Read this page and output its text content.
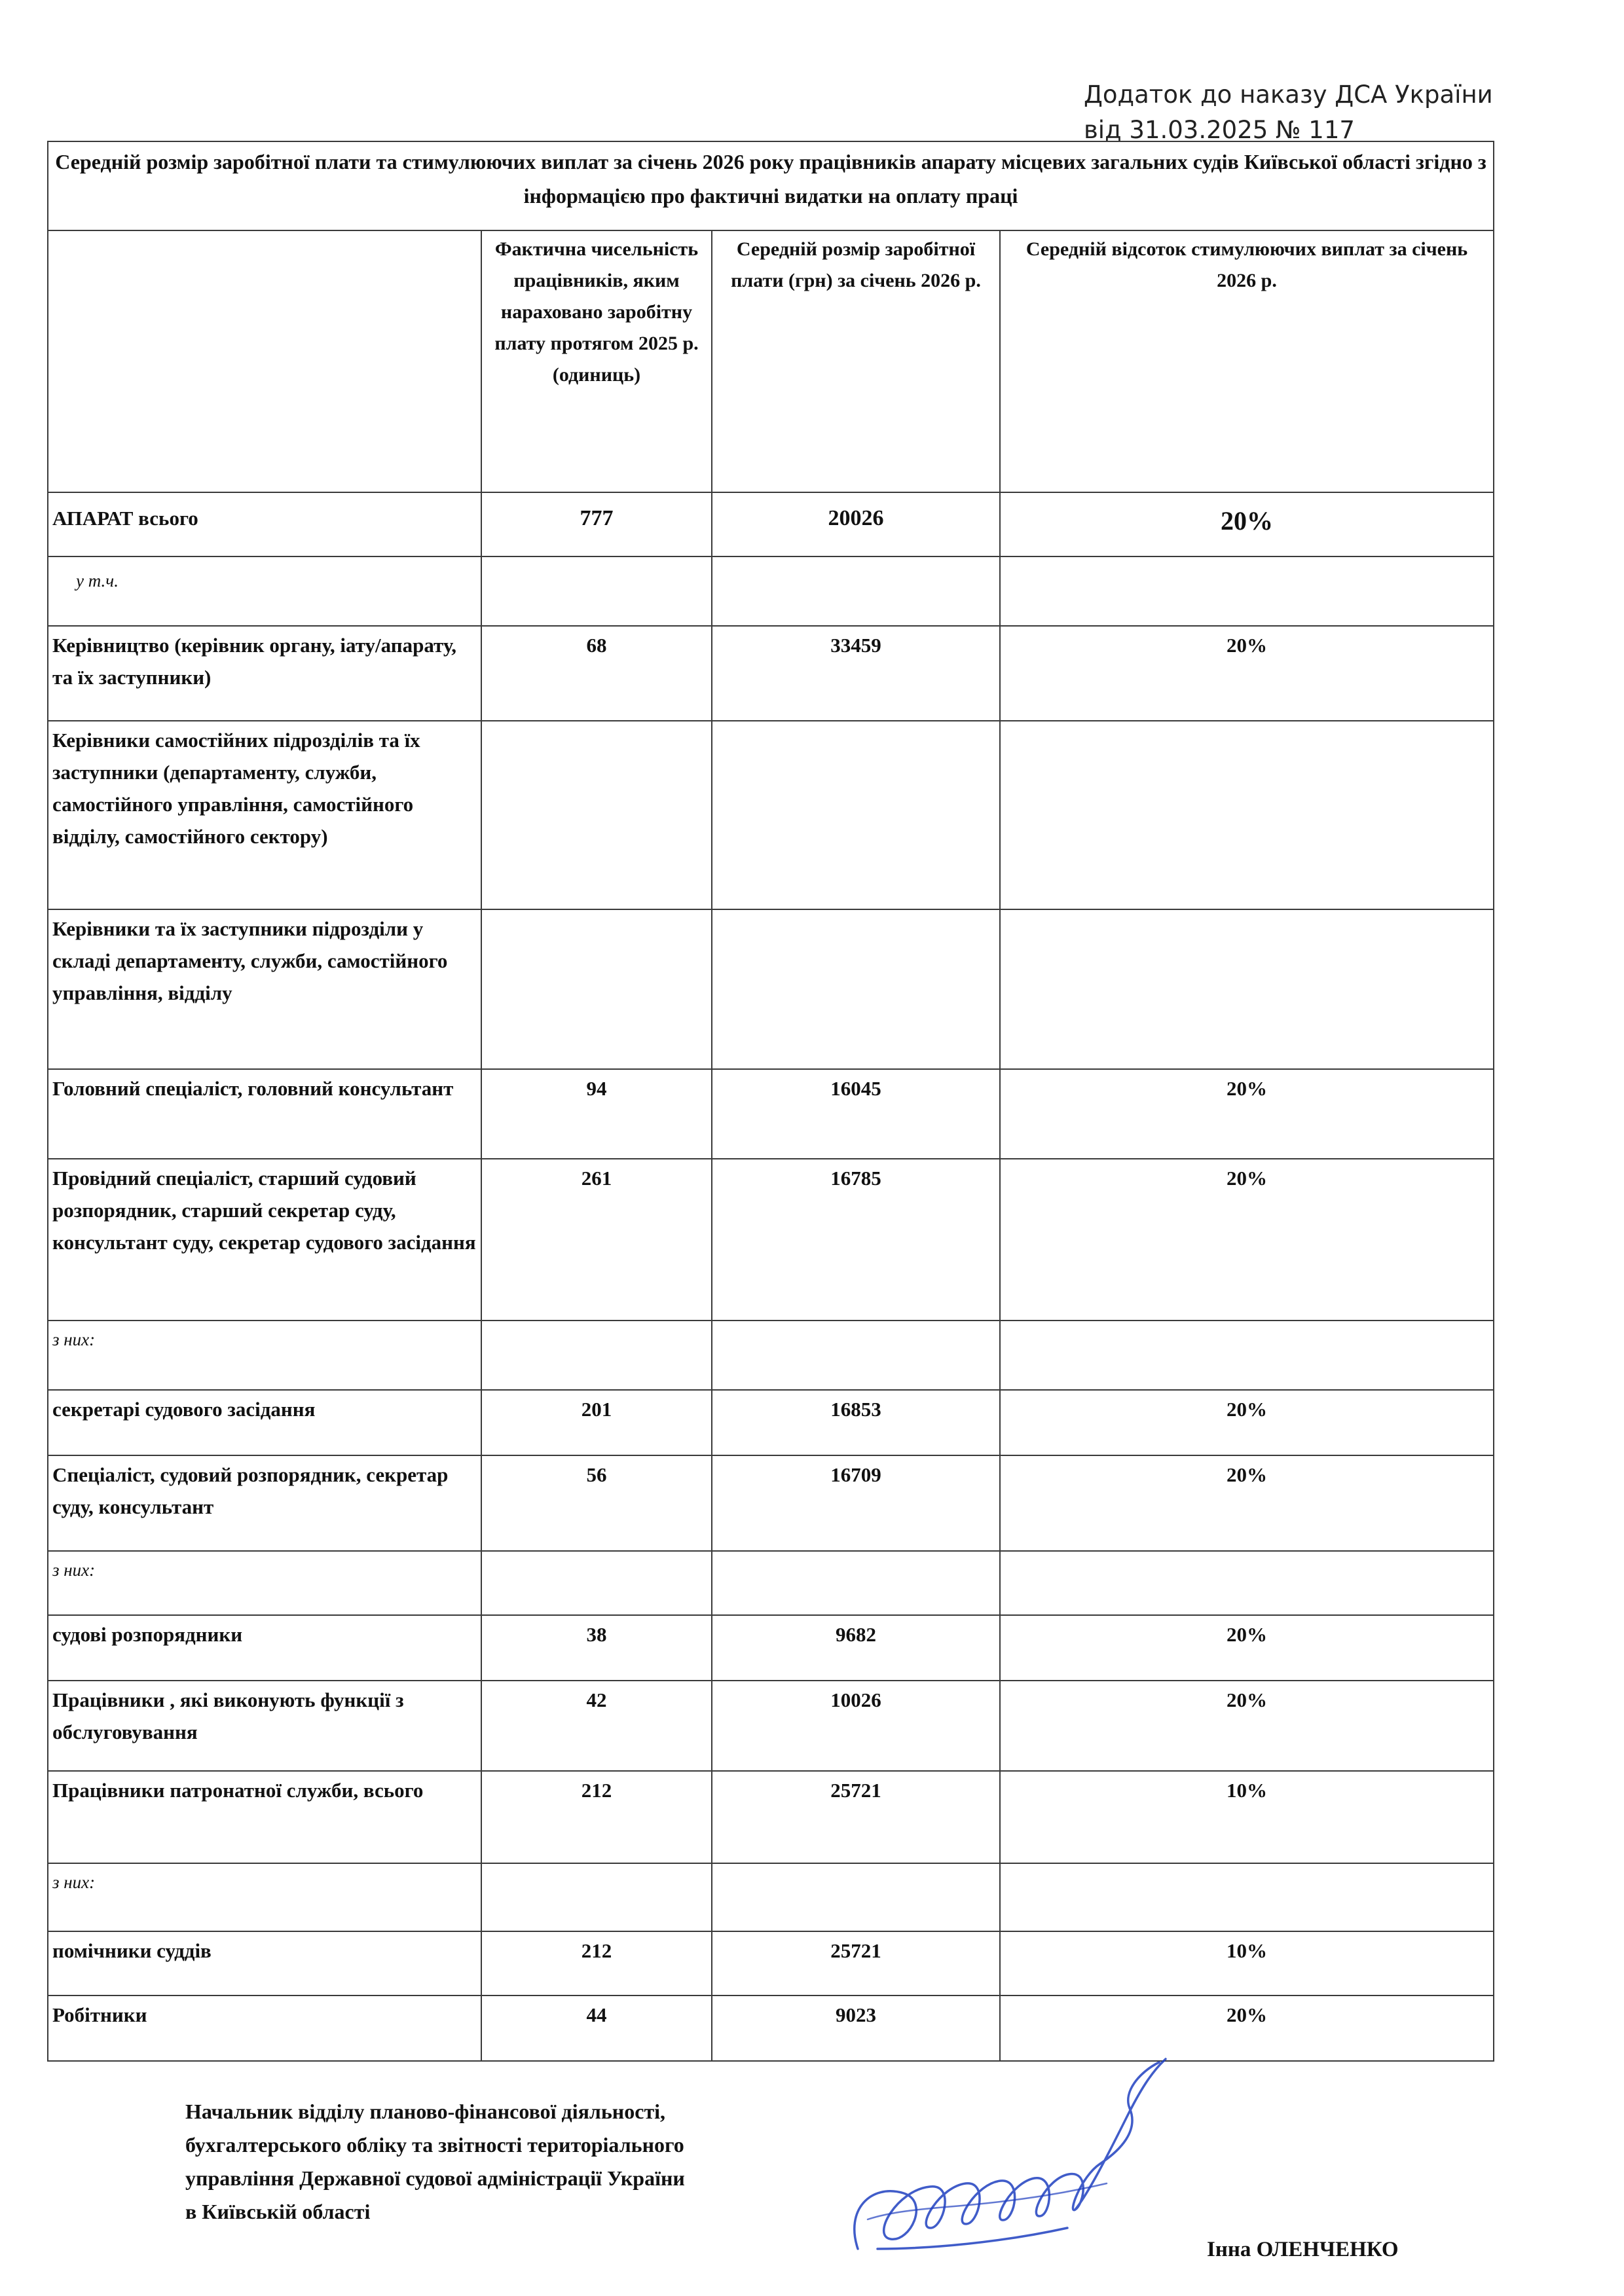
Додаток до наказу ДСА України
від 31.03.2025 № 117
Середній розмір заробітної плати та стимулюючих виплат за січень 2026 року працівників апарату місцевих загальних судів Київської області згідно з інформацією про фактичні видатки на оплату праці			
	Фактична чисельність працівників, яким нараховано заробітну плату протягом 2025 р. (одиниць)	Середній розмір заробітної плати (грн) за січень 2026 р.	Середній відсоток стимулюючих виплат за січень 2026 р.
АПАРАТ всього	777	20026	20%
у т.ч.			
Керівництво (керівник органу, іату/апарату, та їх заступники)	68	33459	20%
Керівники самостійних підрозділів та їх заступники (департаменту, служби, самостійного управління, самостійного відділу, самостійного сектору)			
Керівники та їх заступники підрозділи у складі департаменту, служби, самостійного управління, відділу			
Головний спеціаліст, головний консультант	94	16045	20%
Провідний спеціаліст, старший судовий розпорядник, старший секретар суду, консультант суду, секретар судового засідання	261	16785	20%
з них:			
секретарі судового засідання	201	16853	20%
Спеціаліст, судовий розпорядник, секретар суду, консультант	56	16709	20%
з них:			
судові розпорядники	38	9682	20%
Працівники , які виконують функції з обслуговування	42	10026	20%
Працівники патронатної служби, всього	212	25721	10%
з них:			
помічники суддів	212	25721	10%
Робітники	44	9023	20%
Начальник відділу планово-фінансової діяльності,
бухгалтерського обліку та звітності територіального
управління Державної судової адміністрації України
в Київській області
Інна ОЛЕНЧЕНКО
